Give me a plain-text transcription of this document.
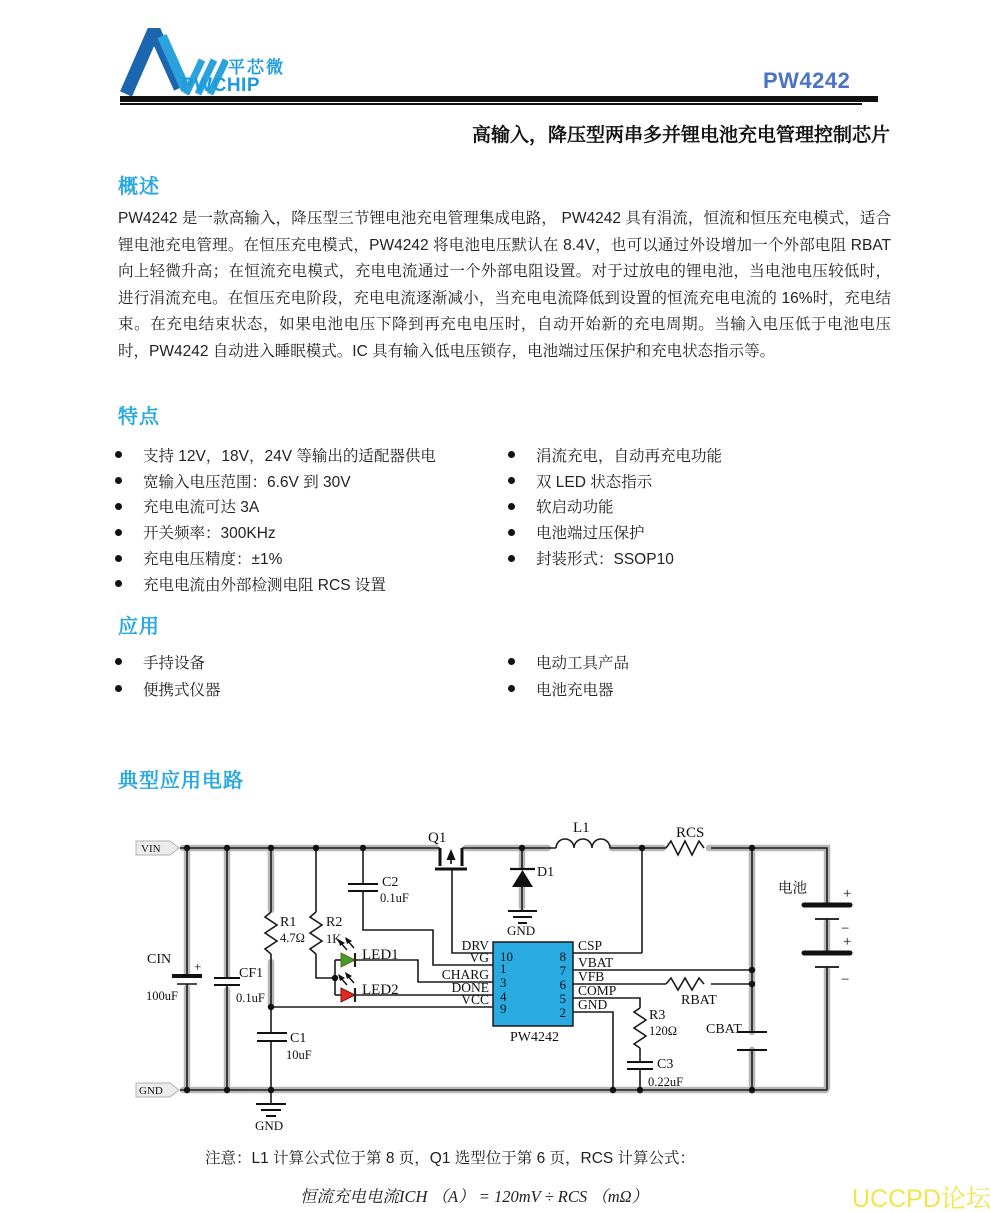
平芯微
PWCHIP	PW4242
高输入，降压型两串多并锂电池充电管理控制芯片
概述
PW4242 是一款高输入，降压型三节锂电池充电管理集成电路， PW4242 具有涓流，恒流和恒压充电模式，适合锂电池充电管理。在恒压充电模式，PW4242 将电池电压默认在 8.4V，也可以通过外设增加一个外部电阻 RBAT 向上轻微升高；在恒流充电模式，充电电流通过一个外部电阻设置。对于过放电的锂电池，当电池电压较低时，进行涓流充电。在恒压充电阶段，充电电流逐渐减小，当充电电流降低到设置的恒流充电电流的 16%时，充电结束。在充电结束状态，如果电池电压下降到再充电电压时，自动开始新的充电周期。当输入电压低于电池电压时，PW4242 自动进入睡眠模式。IC 具有输入低电压锁存，电池端过压保护和充电状态指示等。
特点
支持 12V，18V，24V 等输出的适配器供电
宽输入电压范围：6.6V 到 30V
充电电流可达 3A
开关频率：300KHz
充电电压精度：±1%
充电电流由外部检测电阻 RCS 设置
涓流充电，自动再充电功能
双 LED 状态指示
软启动功能
电池端过压保护
封装形式：SSOP10
应用
手持设备
便携式仪器
电动工具产品
电池充电器
典型应用电路
VIN
GND
Q1
L1	RCS
D1
GND
GND
C2
0.1uF
R1
4.7Ω
R2
1K
LED1
LED2
CIN +
100uF
CF1
0.1uF
C1
10uF
R3
120Ω
C3
0.22uF
RBAT
CBAT
电池 +
−
+
−
DRV
VG
CHARG
DONE
VCC
CSP
VBAT
VFB
COMP
GND
10
1
3
4
9
8
7
6
5
2
PW4242
注意：L1 计算公式位于第 8 页，Q1 选型位于第 6 页，RCS 计算公式：
恒流充电电流ICH （A） = 120mV ÷ RCS （mΩ）	UCCPD论坛
